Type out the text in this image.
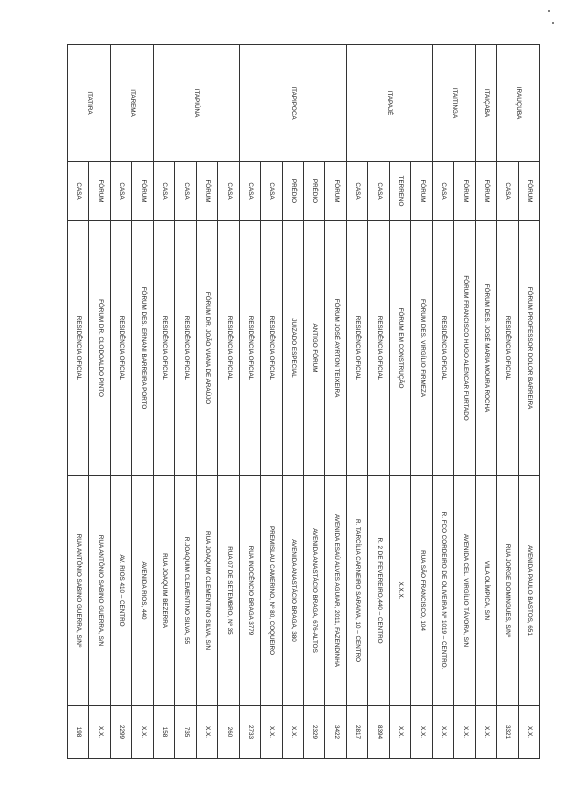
IRAUÇUBA	FÓRUM	FÓRUM PROFESSOR DOLOR BARREIRA	AVENIDA PAULO BASTOS, 651	X.X.
	CASA	RESIDÊNCIA OFICIAL	RUA JORGE DOMINGUES, S/Nº	3321
ITAIÇABA	FÓRUM	FÓRUM DES. JOSÉ MARIA MOURA ROCHA	VILA OLÍMPICA, S/N	X.X.
ITAITINGA	FÓRUM	FÓRUM FRANCISCO HUGO ALENCAR FURTADO	AVENIDA CEL. VIRGÍLIO TÁVORA, S/N	X.X.
	CASA	RESIDÊNCIA OFICIAL	R. FCO CORDEIRO DE OLIVEIRA Nº 1019 – CENTRO.	X.X.
ITAPAJÉ	FÓRUM	FÓRUM DES. VIRGÍLIO FIRMEZA	RUA SÃO FRANCISCO, 104	X.X.
	TERRENO	FÓRUM EM CONSTRUÇÃO	X.X.X.	X.X.
	CASA	RESIDÊNCIA OFICIAL	R. 2 DE FEVEREIRO,440 – CENTRO	8394
	CASA	RESIDÊNCIA OFICIAL	R. TARCÍLIA CARNEIRO SARAIVA, 10 – CENTRO	2817
ITAPIPOCA	FÓRUM	FÓRUM JOSÉ AYRTON TEIXEIRA	AVENIDA ESAÚ ALVES AGUIAR, 2011, FAZENDINHA	3422
	PRÉDIO	ANTIGO FÓRUM	AVENIDA ANASTÁCIO BRAGA, 676-ALTOS	2329
	PRÉDIO	JUIZADO ESPECIAL	AVENIDA ANASTÁCIO BRAGA, 380	X.X.
	CASA	RESIDÊNCIA OFICIAL	PREMISLAU CAMERINO, Nº 80, COQUEIRO	X.X.
	CASA	RESIDÊNCIA OFICIAL	RUA INOCÊNCIO BRAGA 3779	2733
ITAPIÚNA	CASA	RESIDÊNCIA OFICIAL	RUA 07 DE SETEMBRO, Nº 35	260
	FÓRUM	FÓRUM DR. JOÃO VIANA DE ARAÚJO	RUA JOAQUIM CLEMENTINO SILVA, S/N	X.X.
	CASA	RESIDÊNCIA OFICIAL	R.JOAQUIM CLEMENTINO SILVA, 55	735
	CASA	RESIDÊNCIA OFICIAL	RUA JOAQUIM BEZERRA	158
ITAREMA	FÓRUM	FÓRUM DES. ERNANI BARREIRA PORTO	AVENIDA RIOS, 440	X.X.
	CASA	RESIDÊNCIA OFICIAL	AV. RIOS 410 – CENTRO	2299
ITATIRA	FÓRUM	FÓRUM DR. CLODOALDO PINTO	RUA ANTÔNIO SABINO GUERRA, S/N	X.X.
	CASA	RESIDÊNCIA OFICIAL	RUA ANTÔNIO SABINO GUERRA, S/Nº	198
